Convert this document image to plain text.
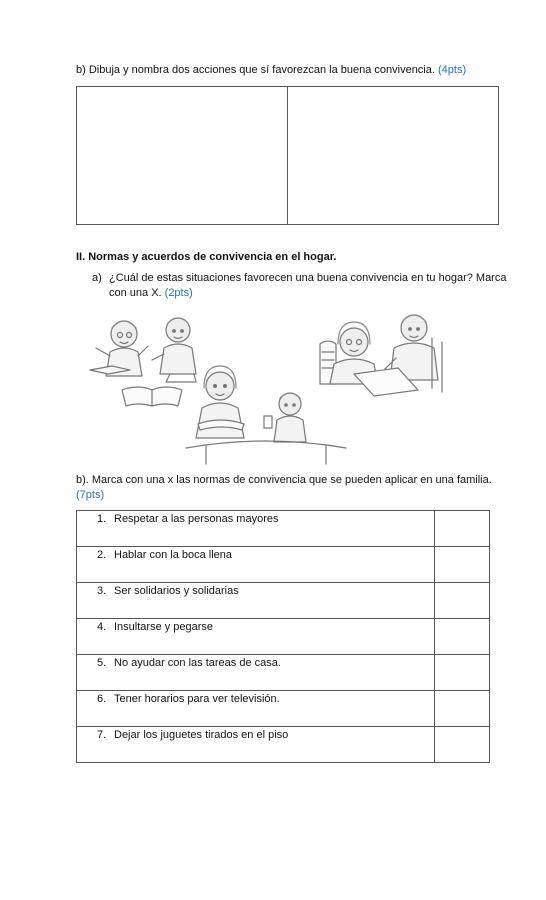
b) Dibuja y nombra dos acciones que sí favorezcan la buena convivencia. (4pts)
II. Normas y acuerdos de convivencia en el hogar.
a) ¿Cuál de estas situaciones favorecen una buena convivencia en tu hogar? Marca con una X. (2pts)
b). Marca con una x las normas de convivencia que se pueden aplicar en una familia.
(7pts)
1. Respetar a las personas mayores	
2. Hablar con la boca llena	
3. Ser solidarios y solidarias	
4. Insultarse y pegarse	
5. No ayudar con las tareas de casa.	
6. Tener horarios para ver televisión.	
7. Dejar los juguetes tirados en el piso	
